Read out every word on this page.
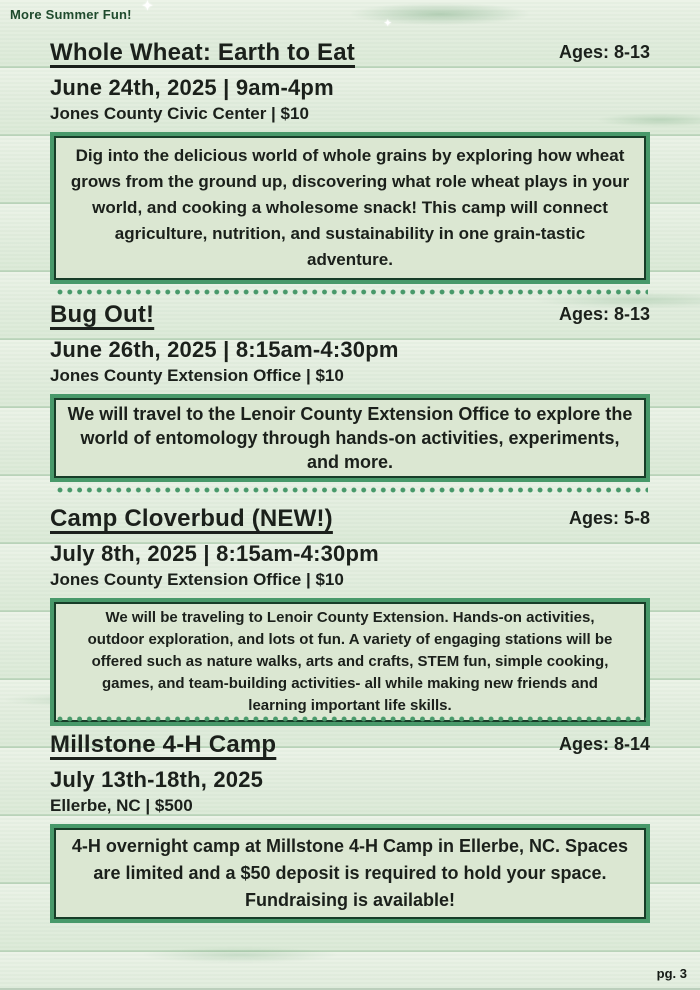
More Summer Fun!
✦
✦
Whole Wheat: Earth to Eat	Ages: 8-13
June 24th, 2025 | 9am-4pm
Jones County Civic Center | $10

Dig into the delicious world of whole grains by exploring how wheat grows from the ground up, discovering what role wheat plays in your world, and cooking a wholesome snack! This camp will connect agriculture, nutrition, and sustainability in one grain-tastic adventure.

Bug Out!	Ages: 8-13
June 26th, 2025 | 8:15am-4:30pm
Jones County Extension Office | $10

We will travel to the Lenoir County Extension Office to explore the world of entomology through hands-on activities, experiments, and more.

Camp Cloverbud (NEW!)	Ages: 5-8
July 8th, 2025 | 8:15am-4:30pm
Jones County Extension Office | $10

We will be traveling to Lenoir County Extension. Hands-on activities, outdoor exploration, and lots ot fun. A variety of engaging stations will be offered such as nature walks, arts and crafts, STEM fun, simple cooking, games, and team-building activities- all while making new friends and learning important life skills.

Millstone 4-H Camp	Ages: 8-14
July 13th-18th, 2025
Ellerbe, NC | $500

4-H overnight camp at Millstone 4-H Camp in Ellerbe, NC. Spaces are limited and a $50 deposit is required to hold your space. Fundraising is available!

pg. 3
